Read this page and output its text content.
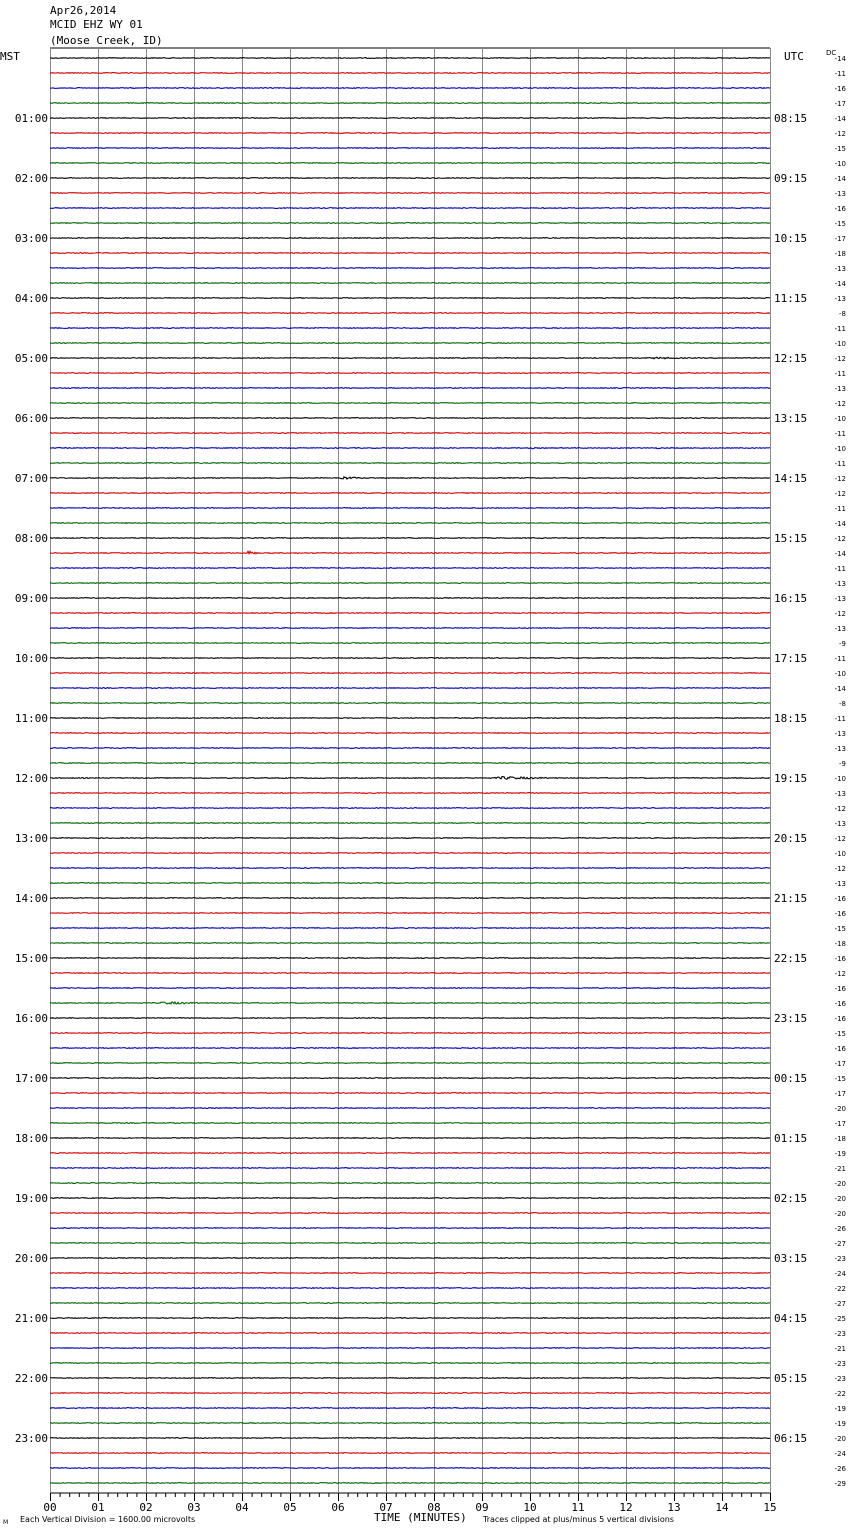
Apr26,2014
MCID EHZ WY 01
(Moose Creek, ID)
MST	UTC	DC
00	01	02	03	04	05	06	07	08	09	10	11	12	13	14	15
01:00
02:00
03:00
04:00
05:00
06:00
07:00
08:00
09:00
10:00
11:00
12:00
13:00
14:00
15:00
16:00
17:00
18:00
19:00
20:00
21:00
22:00
23:00
08:15
09:15
10:15
11:15
12:15
13:15
14:15
15:15
16:15
17:15
18:15
19:15
20:15
21:15
22:15
23:15
00:15
01:15
02:15
03:15
04:15
05:15
06:15
-14
-11
-16
-17
-14
-12
-15
-10
-14
-13
-16
-15
-17
-18
-13
-14
-13
-8
-11
-10
-12
-11
-13
-12
-10
-11
-10
-11
-12
-12
-11
-14
-12
-14
-11
-13
-13
-12
-13
-9
-11
-10
-14
-8
-11
-13
-13
-9
-10
-13
-12
-13
-12
-10
-12
-13
-16
-16
-15
-18
-16
-12
-16
-16
-16
-15
-16
-17
-15
-17
-20
-17
-18
-19
-21
-20
-20
-20
-26
-27
-23
-24
-22
-27
-25
-23
-21
-23
-23
-22
-19
-19
-20
-24
-26
-29
M Each Vertical Division = 1600.00 microvolts	TIME (MINUTES) Traces clipped at plus/minus 5 vertical divisions
